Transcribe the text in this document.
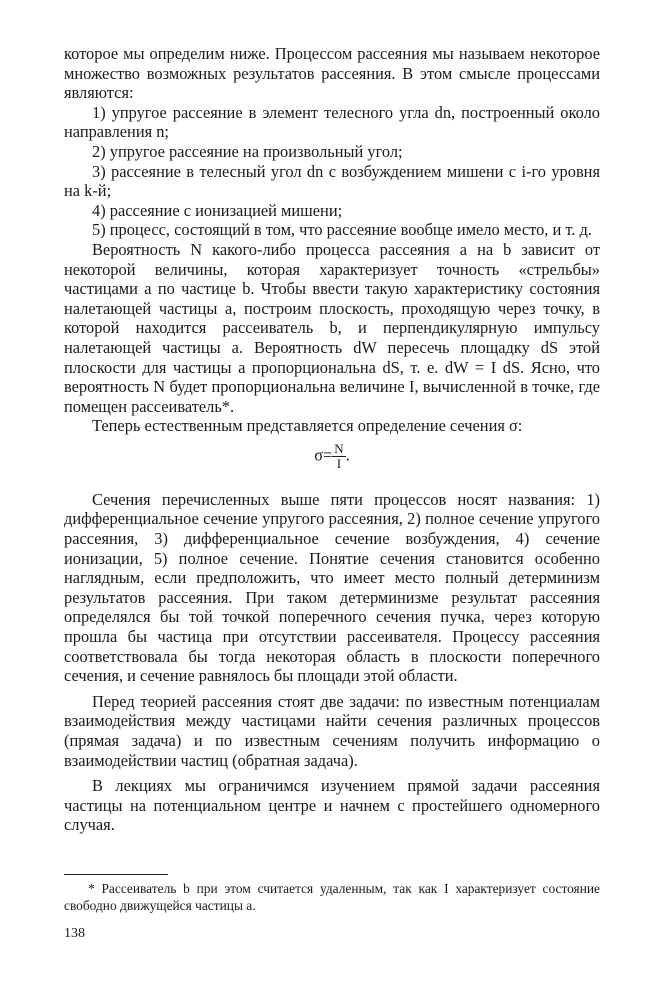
которое мы определим ниже. Процессом рассеяния мы называем некоторое множество возможных результатов рассеяния. В этом смысле процессами являются:

1) упругое рассеяние в элемент телесного угла dn, построенный около направления n;

2) упругое рассеяние на произвольный угол;

3) рассеяние в телесный угол dn с возбуждением мишени с i-го уровня на k-й;

4) рассеяние с ионизацией мишени;

5) процесс, состоящий в том, что рассеяние вообще имело место, и т. д.

Вероятность N какого-либо процесса рассеяния a на b зависит от некоторой величины, которая характеризует точность «стрельбы» частицами a по частице b. Чтобы ввести такую характеристику состояния налетающей частицы a, построим плоскость, проходящую через точку, в которой находится рассеиватель b, и перпендикулярную импульсу налетающей частицы a. Вероятность dW пересечь площадку dS этой плоскости для частицы a пропорциональна dS, т. е. dW = I dS. Ясно, что вероятность N будет пропорциональна величине I, вычисленной в точке, где помещен рассеиватель*.

Теперь естественным представляется определение сечения σ:

$\sigma= \frac{N}{I}$ .

Сечения перечисленных выше пяти процессов носят названия: 1) дифференциальное сечение упругого рассеяния, 2) полное сечение упругого рассеяния, 3) дифференциальное сечение возбуждения, 4) сечение ионизации, 5) полное сечение. Понятие сечения становится особенно наглядным, если предположить, что имеет место полный детерминизм результатов рассеяния. При таком детерминизме результат рассеяния определялся бы той точкой поперечного сечения пучка, через которую прошла бы частица при отсутствии рассеивателя. Процессу рассеяния соответствовала бы тогда некоторая область в плоскости поперечного сечения, и сечение равнялось бы площади этой области.

Перед теорией рассеяния стоят две задачи: по известным потенциалам взаимодействия между частицами найти сечения различных процессов (прямая задача) и по известным сечениям получить информацию о взаимодействии частиц (обратная задача).

В лекциях мы ограничимся изучением прямой задачи рассеяния частицы на потенциальном центре и начнем с простейшего одномерного случая.

* Рассеиватель b при этом считается удаленным, так как I характеризует состояние свободно движущейся частицы a.

138
